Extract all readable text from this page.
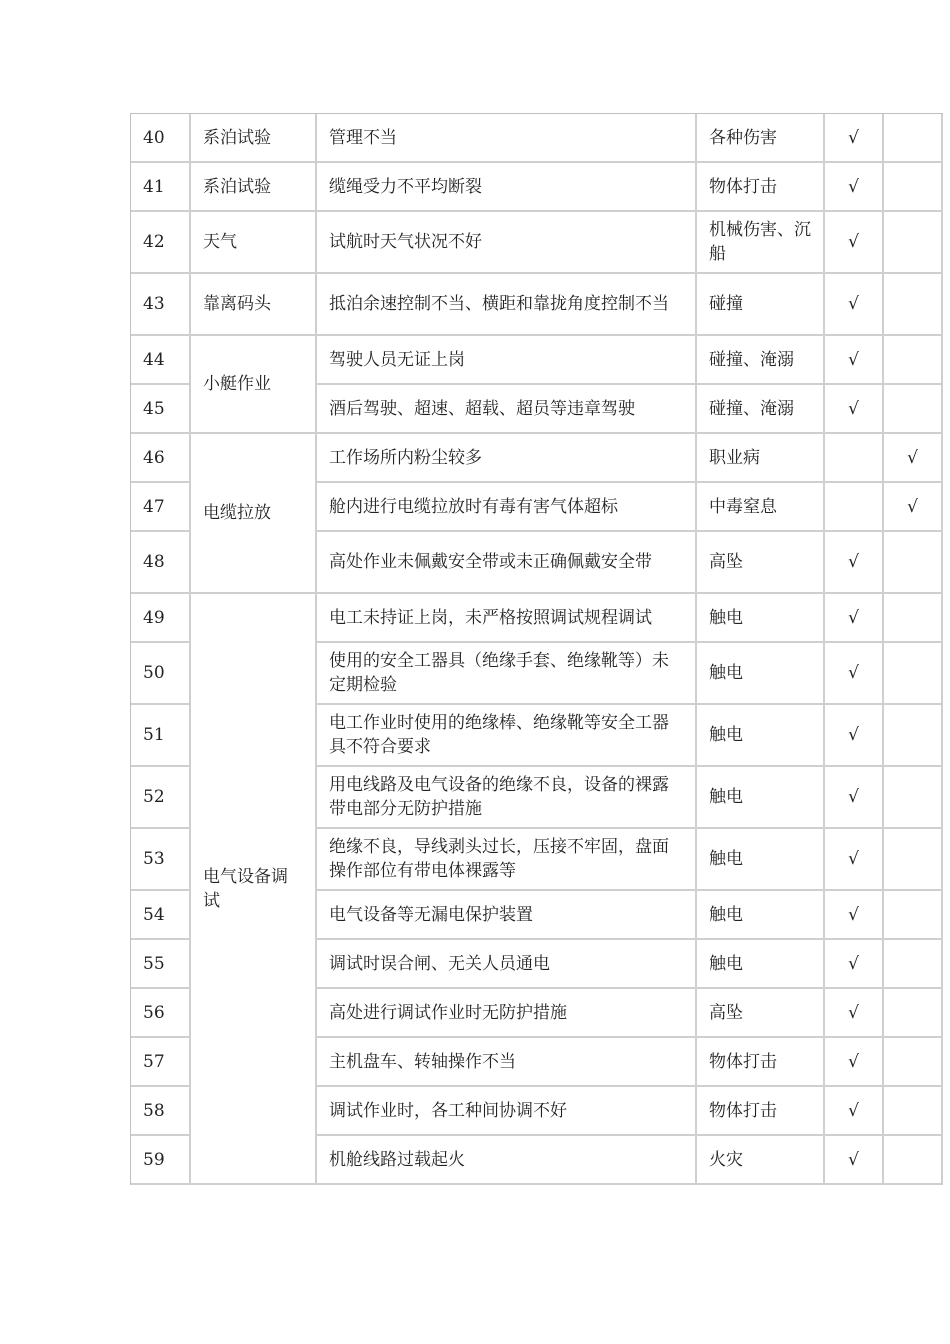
40	系泊试验	管理不当	各种伤害	√	
41	系泊试验	缆绳受力不平均断裂	物体打击	√	
42	天气	试航时天气状况不好	机械伤害、沉船	√	
43	靠离码头	抵泊余速控制不当、横距和靠拢角度控制不当	碰撞	√	
44	小艇作业	驾驶人员无证上岗	碰撞、淹溺	√	
45		酒后驾驶、超速、超载、超员等违章驾驶	碰撞、淹溺	√	
46	电缆拉放	工作场所内粉尘较多	职业病		√
47		舱内进行电缆拉放时有毒有害气体超标	中毒窒息		√
48		高处作业未佩戴安全带或未正确佩戴安全带	高坠	√	
49	电气设备调试	电工未持证上岗，未严格按照调试规程调试	触电	√	
50		使用的安全工器具（绝缘手套、绝缘靴等）未定期检验	触电	√	
51		电工作业时使用的绝缘棒、绝缘靴等安全工器具不符合要求	触电	√	
52		用电线路及电气设备的绝缘不良，设备的裸露带电部分无防护措施	触电	√	
53		绝缘不良，导线剥头过长，压接不牢固，盘面操作部位有带电体裸露等	触电	√	
54		电气设备等无漏电保护装置	触电	√	
55		调试时误合闸、无关人员通电	触电	√	
56		高处进行调试作业时无防护措施	高坠	√	
57		主机盘车、转轴操作不当	物体打击	√	
58		调试作业时，各工种间协调不好	物体打击	√	
59		机舱线路过载起火	火灾	√	
